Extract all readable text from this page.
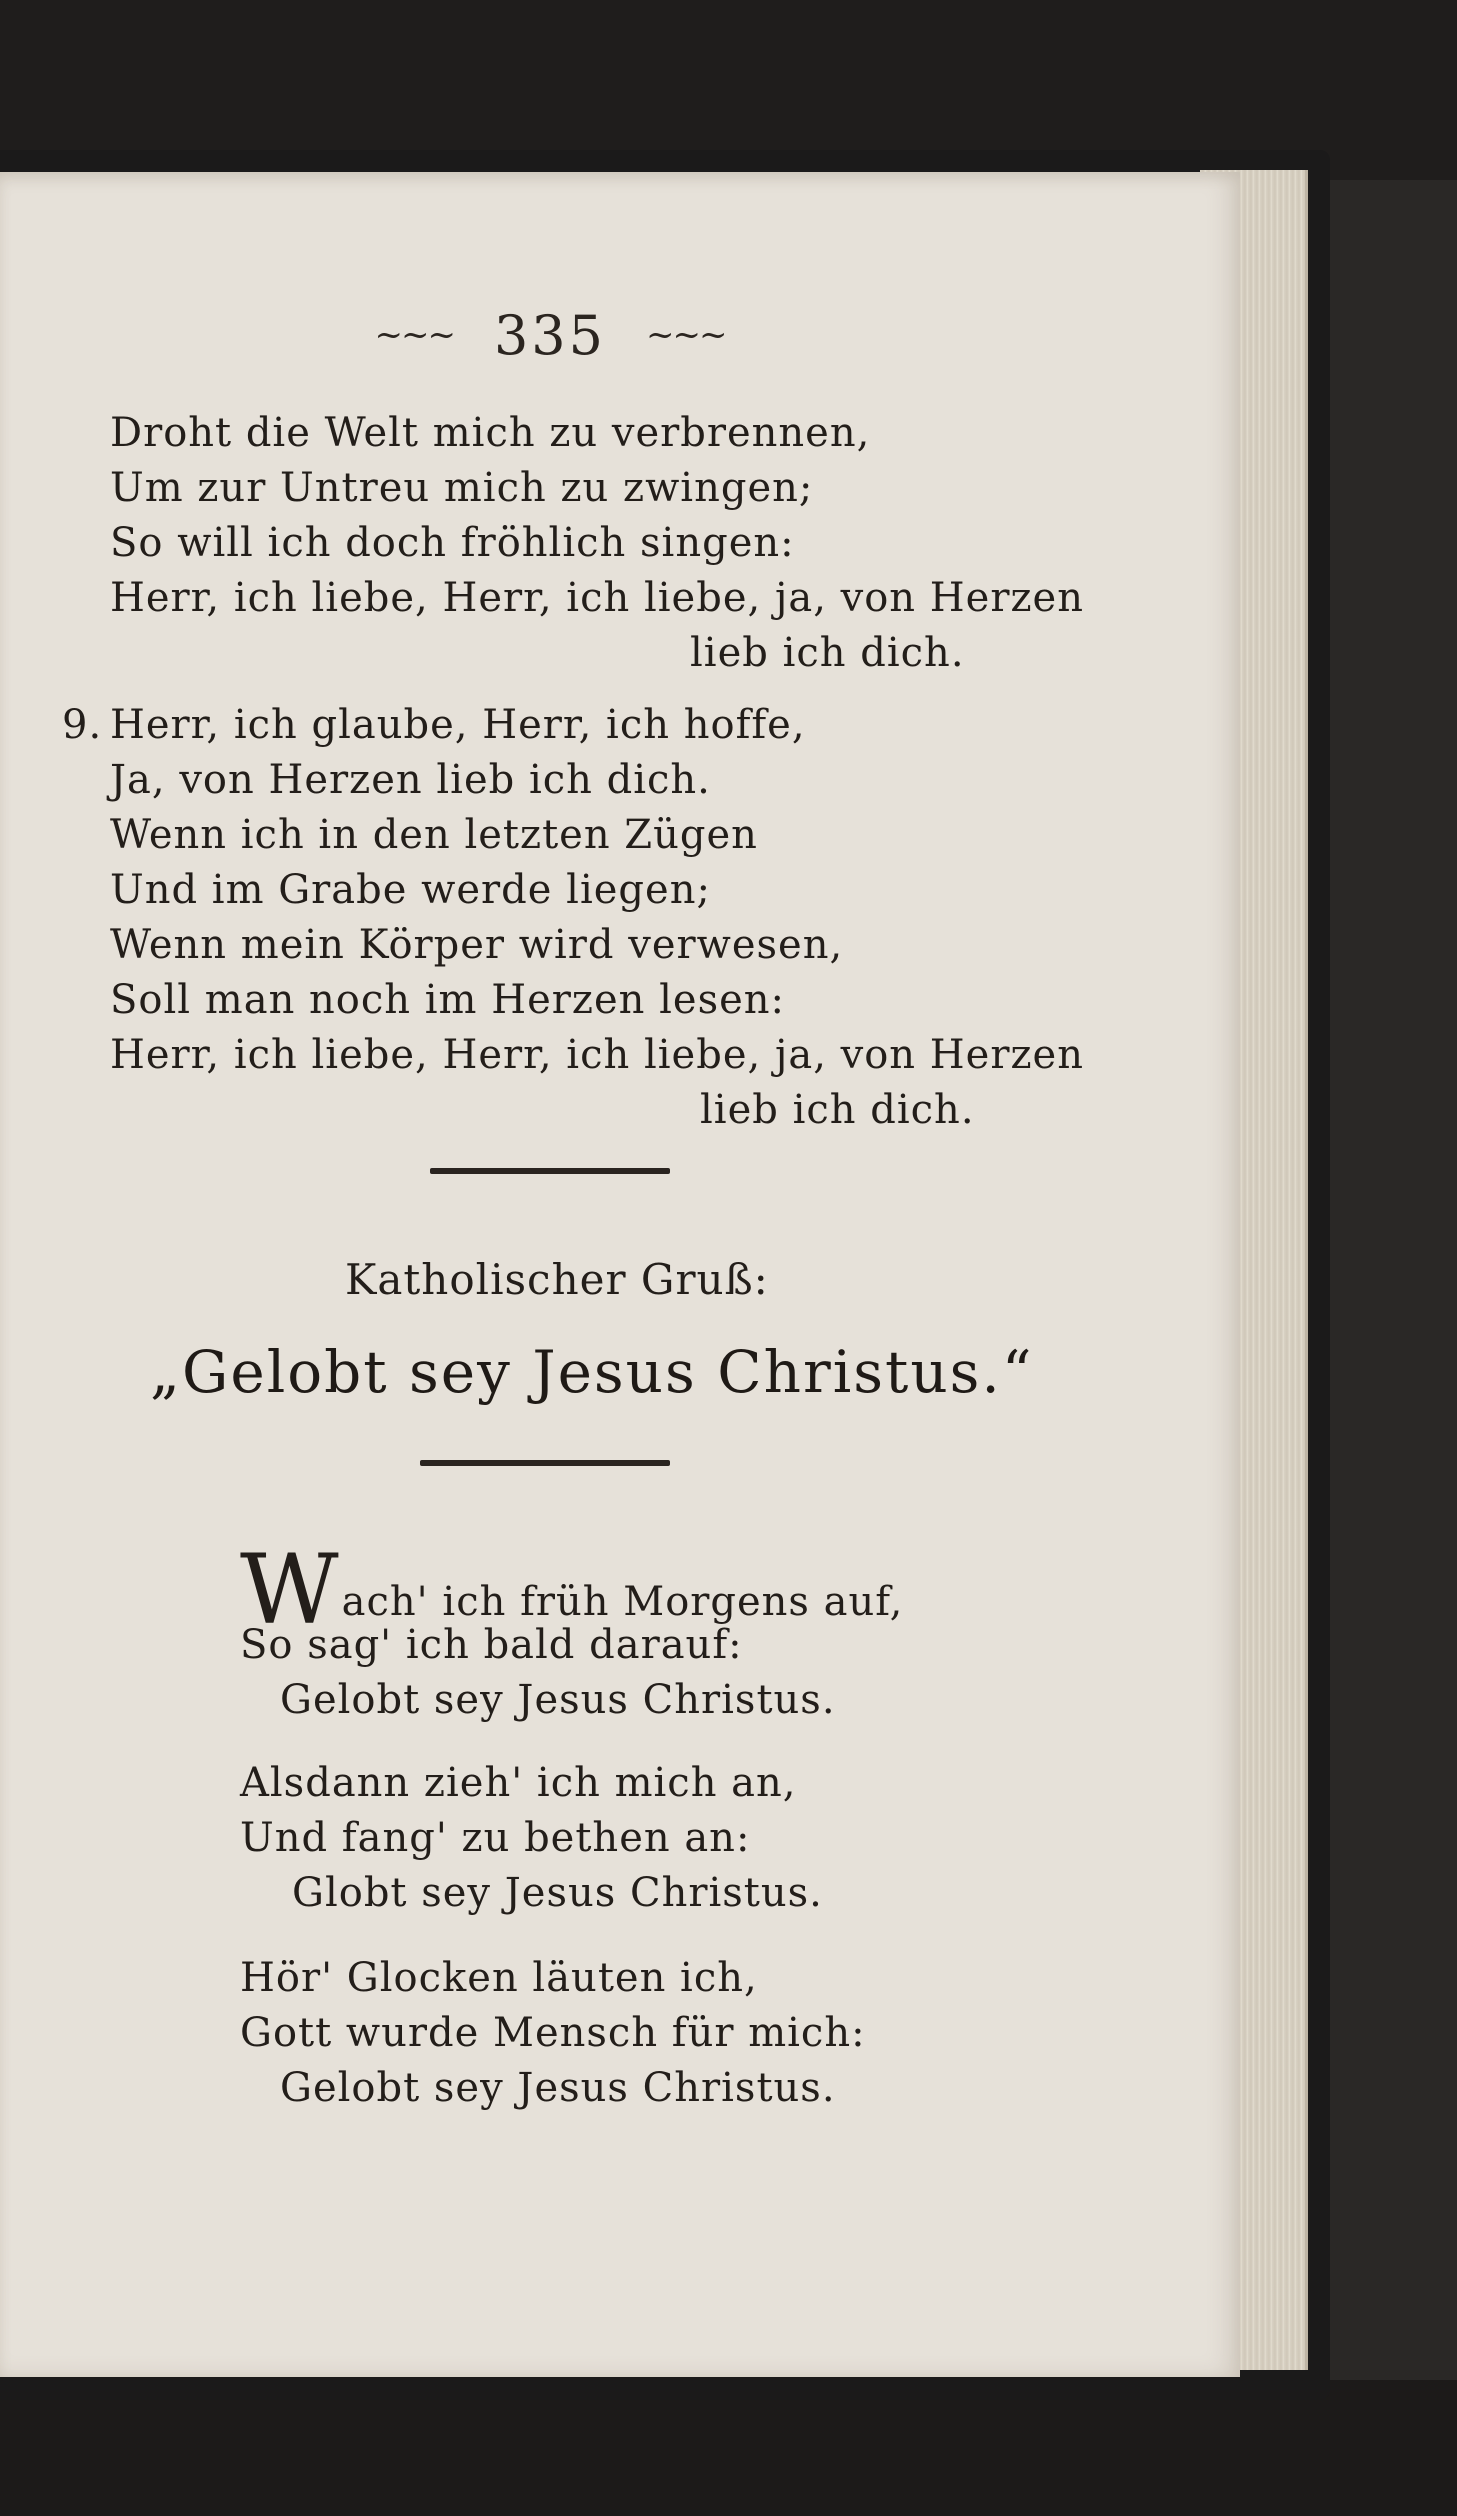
~~~ 335 ~~~
Droht die Welt mich zu verbrennen,
Um zur Untreu mich zu zwingen;
So will ich doch fröhlich singen:
Herr, ich liebe, Herr, ich liebe, ja, von Herzen
lieb ich dich.
9. Herr, ich glaube, Herr, ich hoffe,
Ja, von Herzen lieb ich dich.
Wenn ich in den letzten Zügen
Und im Grabe werde liegen;
Wenn mein Körper wird verwesen,
Soll man noch im Herzen lesen:
Herr, ich liebe, Herr, ich liebe, ja, von Herzen
lieb ich dich.
Katholischer Gruß:
„Gelobt sey Jesus Christus.“
Wach' ich früh Morgens auf,
So sag' ich bald darauf:
Gelobt sey Jesus Christus.
Alsdann zieh' ich mich an,
Und fang' zu bethen an:
Globt sey Jesus Christus.
Hör' Glocken läuten ich,
Gott wurde Mensch für mich:
Gelobt sey Jesus Christus.
